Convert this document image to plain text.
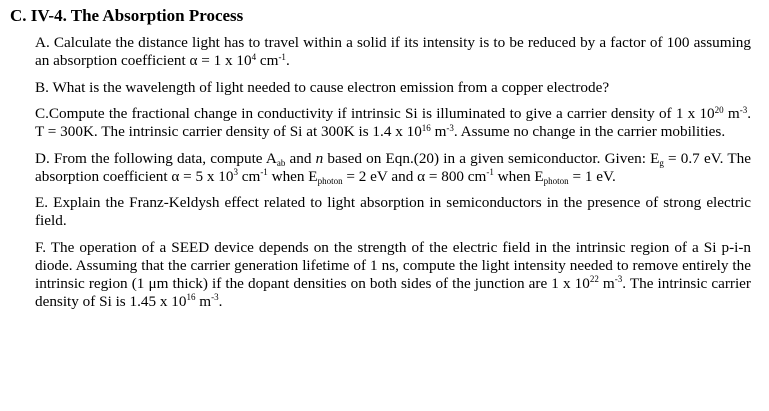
C. IV-4. The Absorption Process
A. Calculate the distance light has to travel within a solid if its intensity is to be reduced by a factor of 100 assuming an absorption coefficient α = 1 x $10^4$ $cm^{-1}$.
B. What is the wavelength of light needed to cause electron emission from a copper electrode?
C.Compute the fractional change in conductivity if intrinsic Si is illuminated to give a carrier density of 1 x $10^{20}$ $m^{-3}$. T = 300K. The intrinsic carrier density of Si at 300K is 1.4 x $10^{16}$ $m^{-3}$. Assume no change in the carrier mobilities.
D. From the following data, compute $A_{ab}$ and n based on Eqn.(20) in a given semiconductor. Given: $E_g = 0.7$ eV. The absorption coefficient α = 5 x $10^3$ $cm^{-1}$ when $E_{photon} = 2$ eV and α = 800 $cm^{-1}$ when $E_{photon} = 1$ eV.
E. Explain the Franz-Keldysh effect related to light absorption in semiconductors in the presence of strong electric field.
F. The operation of a SEED device depends on the strength of the electric field in the intrinsic region of a Si p-i-n diode. Assuming that the carrier generation lifetime of 1 ns, compute the light intensity needed to remove entirely the intrinsic region (1 μm thick) if the dopant densities on both sides of the junction are 1 x $10^{22}$ $m^{-3}$. The intrinsic carrier density of Si is 1.45 x $10^{16}$ $m^{-3}$.
